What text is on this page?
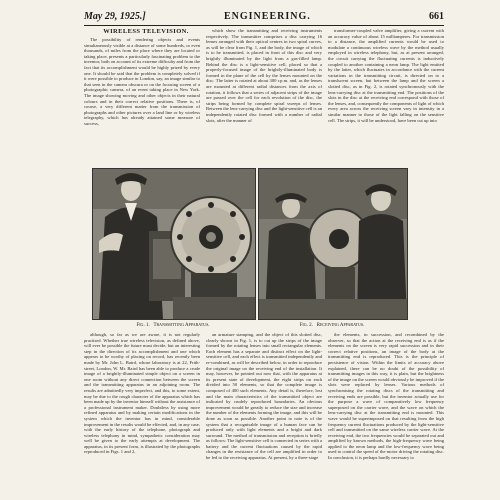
May 29, 1925.]	ENGINEERING.	661
WIRELESS TELEVISION.

The possibility of rendering objects and events simultaneously visible at a distance of some hundreds, or even thousands, of miles from the place where they are located or taking place, presents a particularly fascinating problem to the inventor, both on account of its extreme difficulty and from the fact that its accomplishment would be highly prized by every one. It should be said that the problem is completely solved if it were possible to produce in London, say, an image similar to that seen in the camera obscura or on the focusing screen of a photographic camera, of an event taking place in New York. The image showing moving and other objects in their natural colours and in their correct relative positions. There is, of course, a very different matter from the transmission of photographs and other pictures over a land line or by wireless telegraphy, which has already attained some measure of success,

which show the transmitting and receiving instruments respectively. The transmitter comprises a disc carrying 16 lenses arranged with their optical centres in two spiral curves, as will be clear from Fig. 1, and the body, the image of which is to be transmitted, is placed in front of this disc and very brightly illuminated by the light from a gas-filled lamp. Behind the disc is a light-sensitive cell, placed so that a properly-focused image of the brightly-illuminated body is formed in the plane of the cell by the lenses mounted on the disc. The latter is rotated at about 300 r.p.m. and, as the lenses are mounted at different radial distances from the axis of rotation, it follows that a series of adjacent strips of the image are passed over the cell for each revolution of the disc, the strips being formed by complete spiral sweeps of lenses. Between the lens-carrying disc and the light-sensitive cell is an independently rotated disc formed with a number of radial slots, after the manner of

transformer-coupled valve amplifier, giving a current with an accuracy value of about 15 milliamperes. For transmission to a distance, the amplified currents would be used to modulate a continuous wireless wave by the method usually employed in wireless telephony, but, as at present arranged, the circuit carrying the fluctuating currents is inductively coupled to another containing a neon lamp. The light emitted by the latter, which fluctuates in accordance with the current variations in the transmitting circuit, is directed on to a translucent screen, but between the lamp and the screen a slotted disc, as in Fig. 2, is rotated synchronously with the lens-carrying disc at the transmitting end. The positions of the slots in the disc at the receiving end correspond with those of the lenses, and, consequently the components of light of which every area across the receiving screen vary in intensity in a similar manner to those of the light falling on the sensitive cell. The strips, it will be understood, have been cut up into

Fig. 1. Transmitting Apparatus.	Fig. 2. Receiving Apparatus.

although, so far as we are aware, it is not regularly practised. Whether true wireless television, as defined above, will ever be possible the future must decide, but an interesting step in the direction of its accomplishment and one which appears to be worthy of placing on record, has recently been made by Mr. John L. Baird, whose laboratory is at 22, Frith-street, London, W. Mr. Baird has been able to produce a crude image of a brightly-illuminated simple object on a screen in one room without any direct connection between the screen and the transmitting apparatus in an adjoining room. The results are admittedly very imperfect, and this, to some extent, may be due to the rough character of the apparatus which has been made up by the inventor himself without the assistance of a professional instrument maker. Doubtless by using more refined apparatus and by making certain modifications in the system which the inventor has in mind, considerable improvement in the results would be effected, and, in any case, with the early history of the telephone, photograph and wireless telephony in mind, sympathetic consideration may well be given to the early attempts at development. The apparatus, in its present form, is illustrated by the photographs reproduced in Figs. 1 and 2,

an armature stamping, and the object of this slotted disc, clearly shown in Fig. 1, is to cut up the strips of the image formed by the rotating lenses into small rectangular elements. Each element has a separate and distinct effect on the light-sensitive cell, and each effect is transmitted independently and re-combined, as will be described below, in order to reproduce the original image on the receiving end of the installation. It may, however, be pointed out now that, with the apparatus at its present state of development, the eight strips on each divided into 50 elements, so that the complete image is composed of 400 such elements. Any detail is, therefore, lost and the main characteristics of the transmitted object are indicated by crudely reproduced boundaries. An obvious improvement would be greatly to reduce the size and increase the number of the elements forming the image, and this will be done as soon as possible. Another point to note is of the system that a recognisable image of a human face can be produced only with light elements and a bright and dark surround. The method of transmission and reception is briefly as follows: The light-sensitive cell is connected in series with a battery and the current fluctuations caused by the rapid changes in the resistance of the cell are amplified in order to be fed to the receiving apparatus. At present, by a three-stage

the elements, in succession, and recombined by the observer, so that the action at the receiving end is as if the elements on the screen is very rapid succession and in their correct relative positions, an image of the body at the transmitting end is reproduced. This is the principle of persistence of vision. Within the limits of accuracy above explained, there can be no doubt of the possibility of transmitting images in this way, it is plain, but the brightness of the image on the screen would obviously be improved if the slots were replaced by lenses. Various methods of synchronising the rotating discs of the transmitting and receiving ends are possible, but the inventor actually use for the purpose a wave of comparatively low frequency superposed on the carrier wave, and the wave on which the lens-carrying disc at the transmitting end is mounted. This wave would be superimposed on that resulting from the high frequency current fluctuations produced by the light-sensitive cell and transmitted on the same wireless carrier wave. At the receiving end, the two frequencies would be separated out and amplified by known methods, the high-frequency wave being applied to the neon lamp and the low-frequency wave being used to control the speed of the motor driving the rotating disc. In conclusion, it is perhaps hardly necessary to
